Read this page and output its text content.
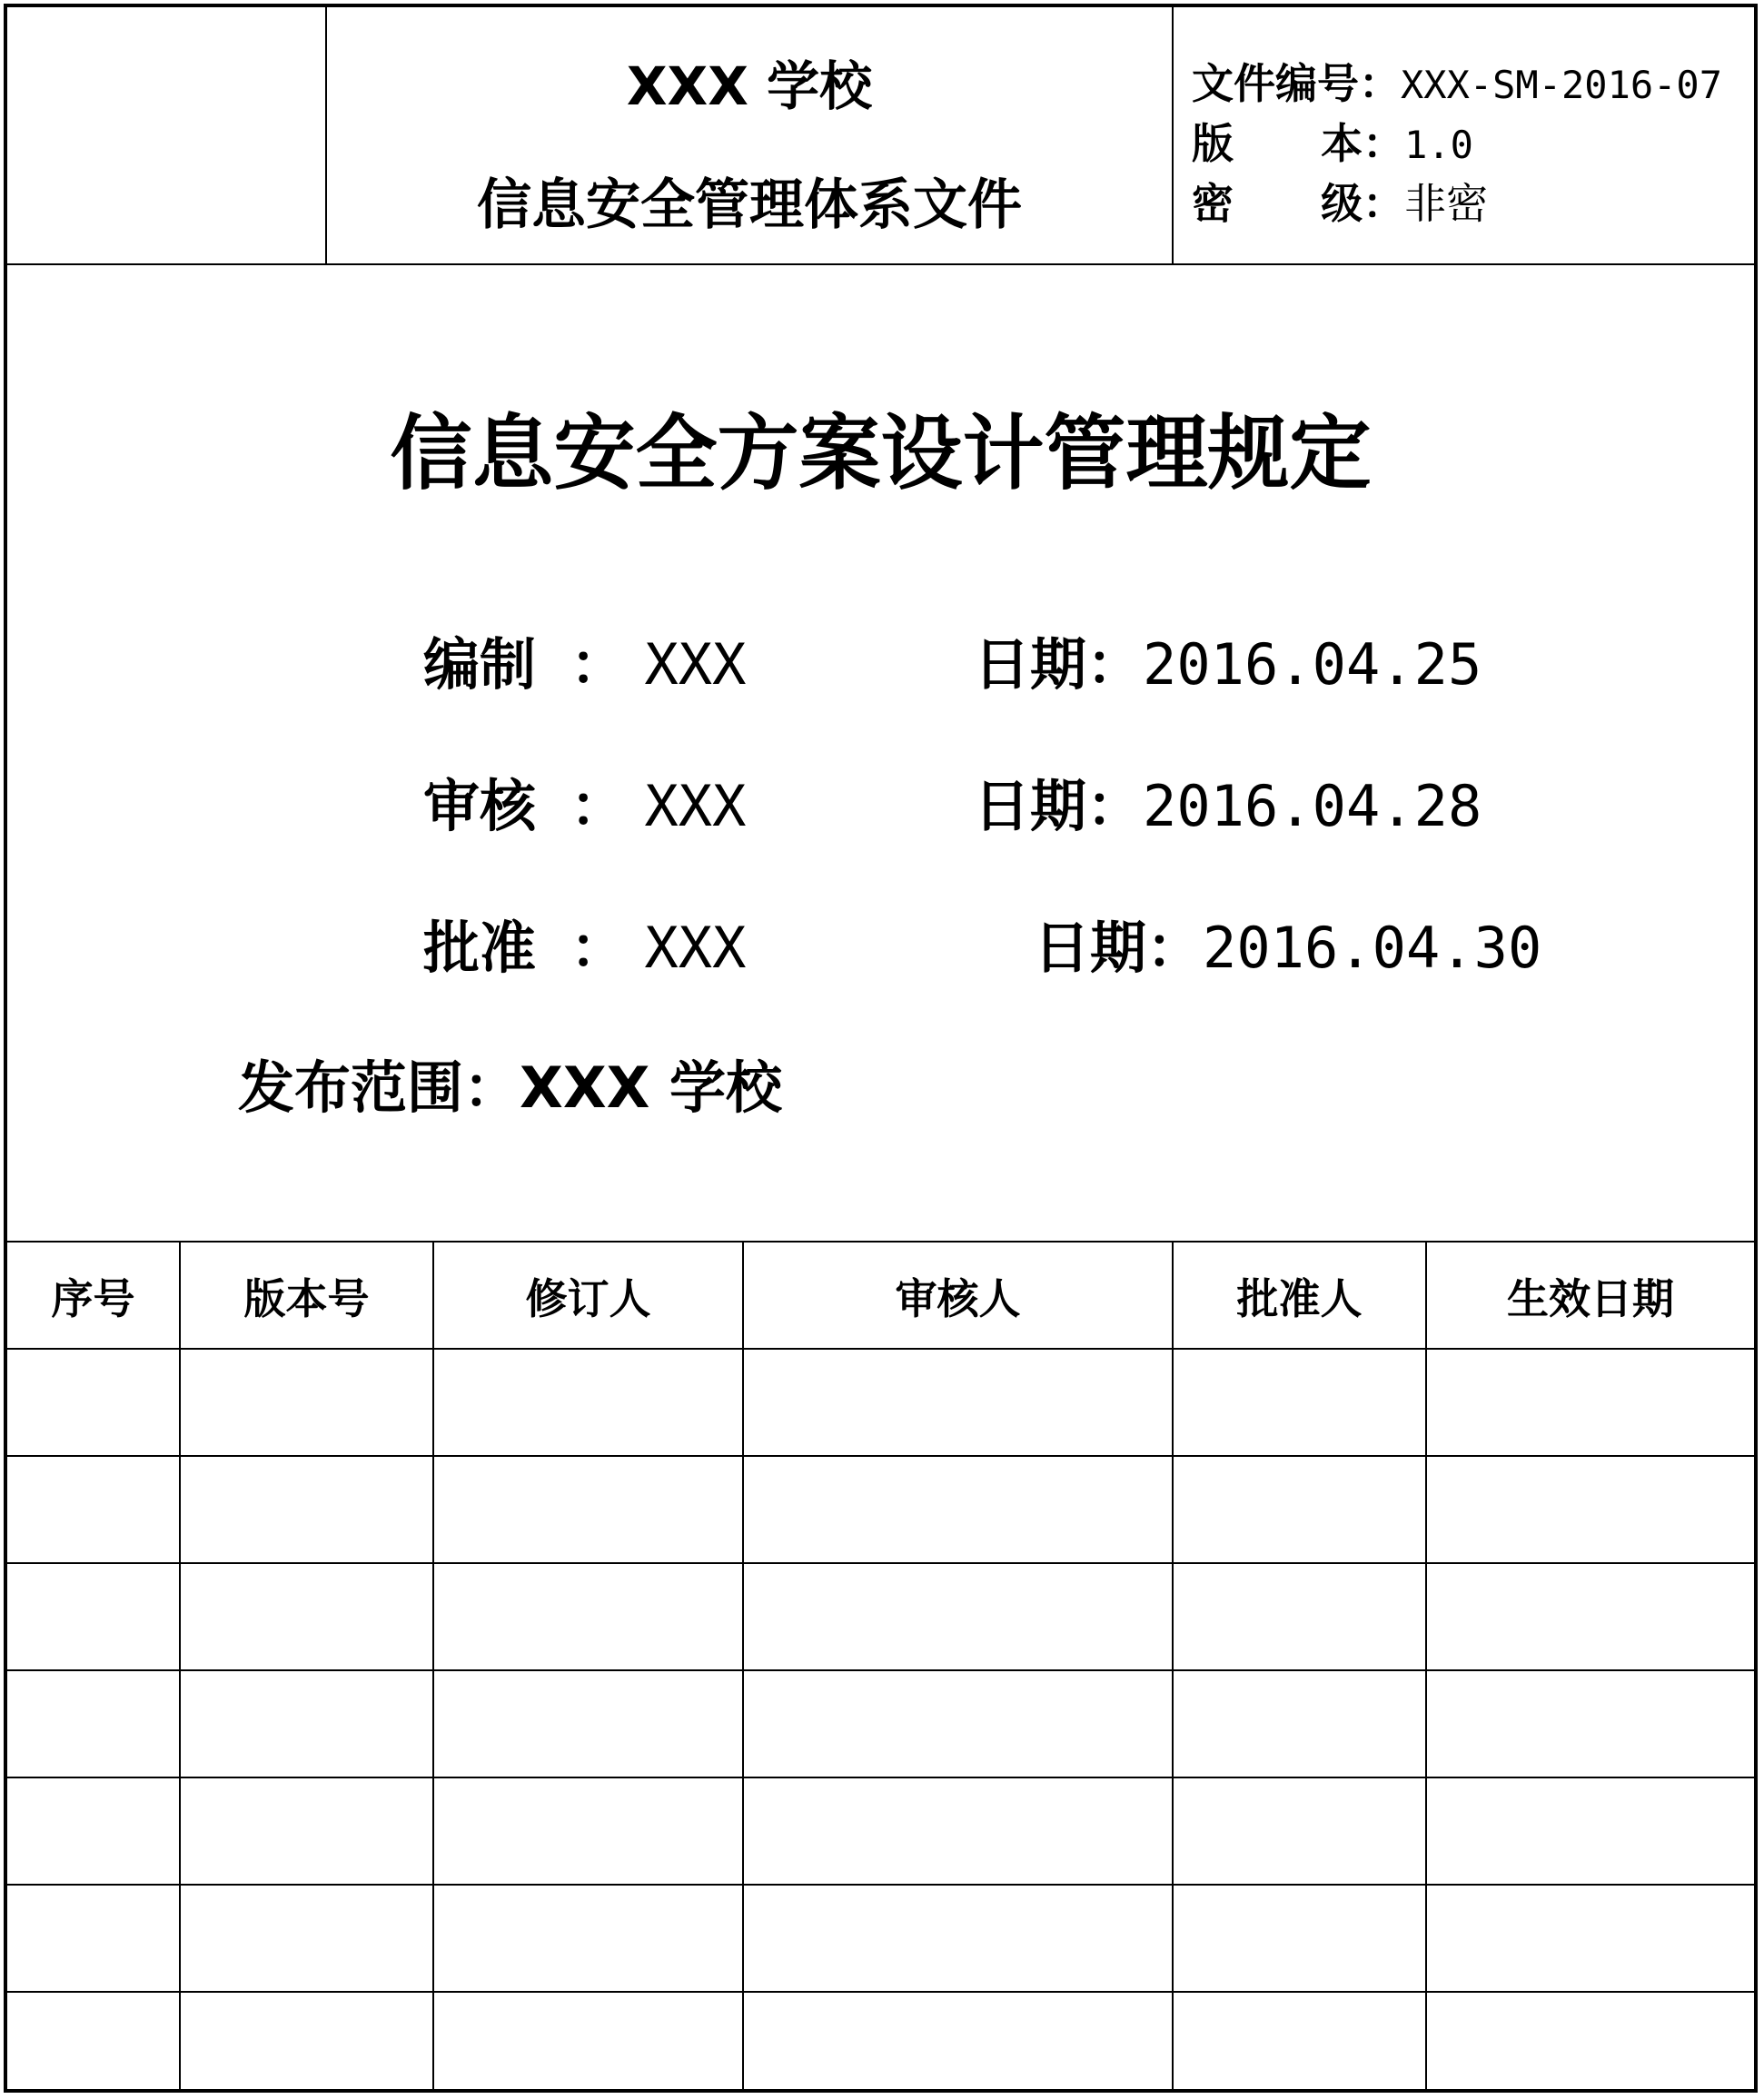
XXX 学校
信息安全管理体系文件
文件编号：XXX-SM-2016-07
版      本：1.0
密      级：非密
信息安全方案设计管理规定
编制 ： XXX	日期：2016.04.25
审核 ： XXX	日期：2016.04.28
批准 ： XXX	日期：2016.04.30
发布范围：XXX 学校
序号	版本号	修订人	审核人	批准人	生效日期
